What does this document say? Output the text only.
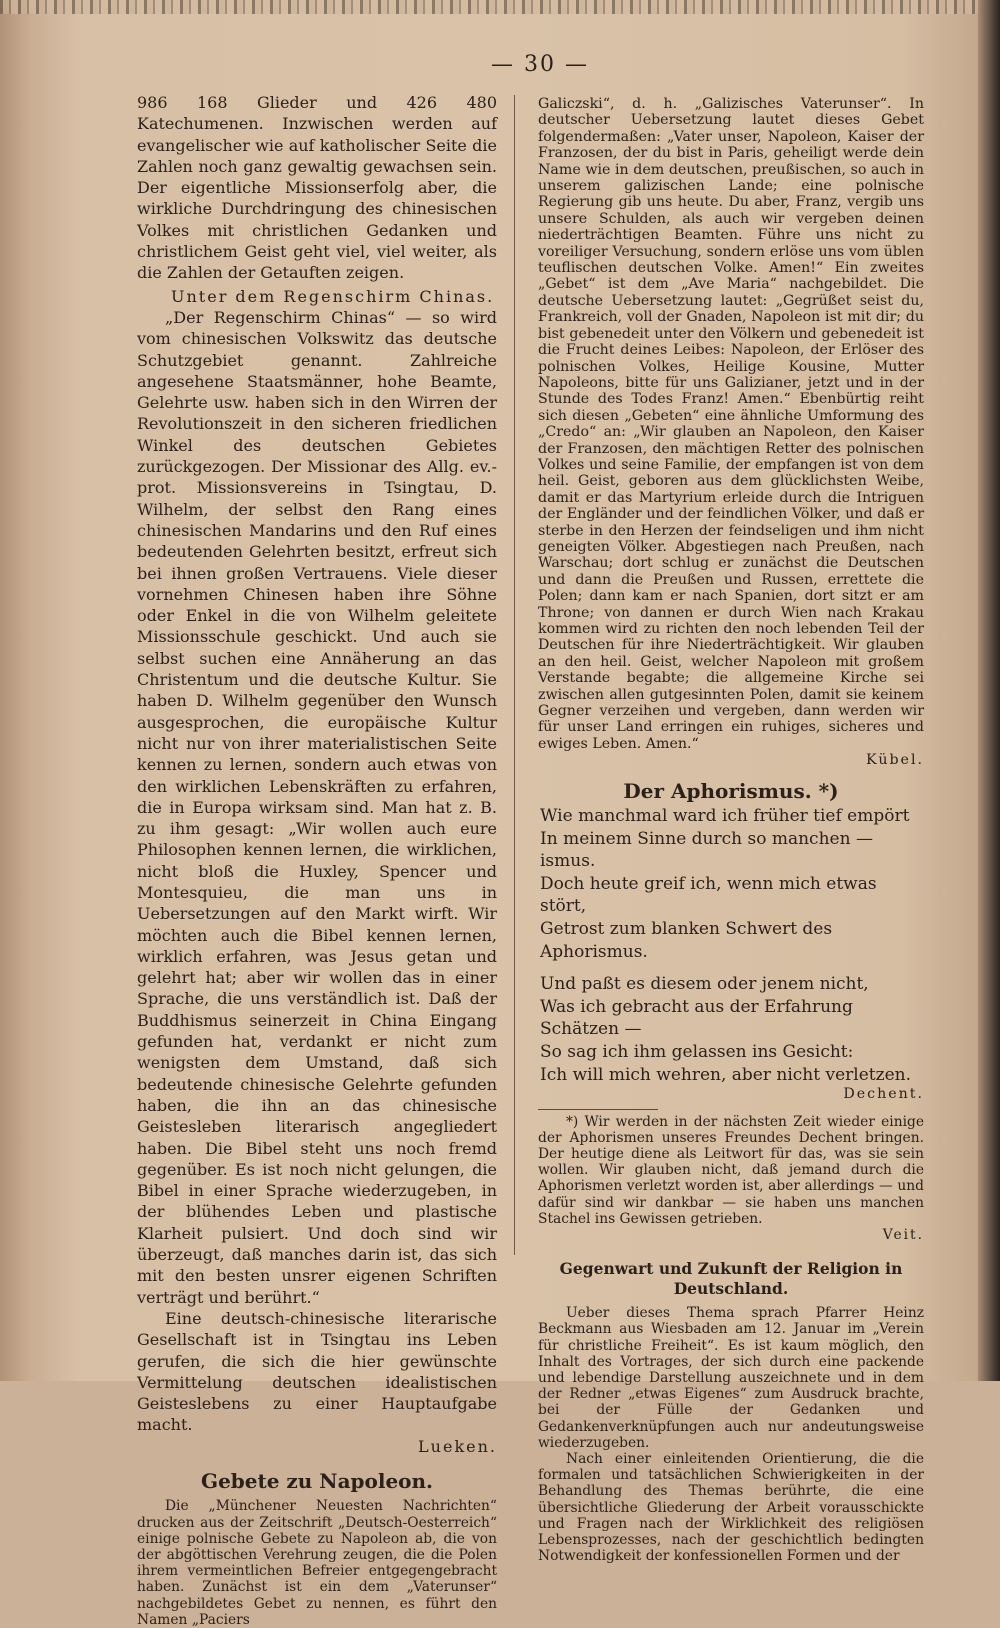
— 30 —

986 168 Glieder und 426 480 Katechumenen. Inzwischen werden auf evangelischer wie auf katholischer Seite die Zahlen noch ganz gewaltig gewachsen sein. Der eigentliche Missionserfolg aber, die wirkliche Durchdringung des chinesischen Volkes mit christlichen Gedanken und christlichem Geist geht viel, viel weiter, als die Zahlen der Getauften zeigen.

Unter dem Regenschirm Chinas.

„Der Regenschirm Chinas“ — so wird vom chinesischen Volkswitz das deutsche Schutzgebiet genannt. Zahlreiche angesehene Staatsmänner, hohe Beamte, Gelehrte usw. haben sich in den Wirren der Revolutionszeit in den sicheren friedlichen Winkel des deutschen Gebietes zurückgezogen. Der Missionar des Allg. ev.-prot. Missionsvereins in Tsingtau, D. Wilhelm, der selbst den Rang eines chinesischen Mandarins und den Ruf eines bedeutenden Gelehrten besitzt, erfreut sich bei ihnen großen Vertrauens. Viele dieser vornehmen Chinesen haben ihre Söhne oder Enkel in die von Wilhelm geleitete Missionsschule geschickt. Und auch sie selbst suchen eine Annäherung an das Christentum und die deutsche Kultur. Sie haben D. Wilhelm gegenüber den Wunsch ausgesprochen, die europäische Kultur nicht nur von ihrer materialistischen Seite kennen zu lernen, sondern auch etwas von den wirklichen Lebenskräften zu erfahren, die in Europa wirksam sind. Man hat z. B. zu ihm gesagt: „Wir wollen auch eure Philosophen kennen lernen, die wirklichen, nicht bloß die Huxley, Spencer und Montesquieu, die man uns in Uebersetzungen auf den Markt wirft. Wir möchten auch die Bibel kennen lernen, wirklich erfahren, was Jesus getan und gelehrt hat; aber wir wollen das in einer Sprache, die uns verständlich ist. Daß der Buddhismus seinerzeit in China Eingang gefunden hat, verdankt er nicht zum wenigsten dem Umstand, daß sich bedeutende chinesische Gelehrte gefunden haben, die ihn an das chinesische Geistesleben literarisch angegliedert haben. Die Bibel steht uns noch fremd gegenüber. Es ist noch nicht gelungen, die Bibel in einer Sprache wiederzugeben, in der blühendes Leben und plastische Klarheit pulsiert. Und doch sind wir überzeugt, daß manches darin ist, das sich mit den besten unsrer eigenen Schriften verträgt und berührt.“

Eine deutsch-chinesische literarische Gesellschaft ist in Tsingtau ins Leben gerufen, die sich die hier gewünschte Vermittelung deutschen idealistischen Geisteslebens zu einer Hauptaufgabe macht.

Lueken.

Gebete zu Napoleon.

Die „Münchener Neuesten Nachrichten“ drucken aus der Zeitschrift „Deutsch-Oesterreich“ einige polnische Gebete zu Napoleon ab, die von der abgöttischen Verehrung zeugen, die die Polen ihrem vermeintlichen Befreier entgegengebracht haben. Zunächst ist ein dem „Vaterunser“ nachgebildetes Gebet zu nennen, es führt den Namen „Paciers

Galiczski“, d. h. „Galizisches Vaterunser“. In deutscher Uebersetzung lautet dieses Gebet folgendermaßen: „Vater unser, Napoleon, Kaiser der Franzosen, der du bist in Paris, geheiligt werde dein Name wie in dem deutschen, preußischen, so auch in unserem galizischen Lande; eine polnische Regierung gib uns heute. Du aber, Franz, vergib uns unsere Schulden, als auch wir vergeben deinen niederträchtigen Beamten. Führe uns nicht zu voreiliger Versuchung, sondern erlöse uns vom üblen teuflischen deutschen Volke. Amen!“ Ein zweites „Gebet“ ist dem „Ave Maria“ nachgebildet. Die deutsche Uebersetzung lautet: „Gegrüßet seist du, Frankreich, voll der Gnaden, Napoleon ist mit dir; du bist gebenedeit unter den Völkern und gebenedeit ist die Frucht deines Leibes: Napoleon, der Erlöser des polnischen Volkes, Heilige Kousine, Mutter Napoleons, bitte für uns Galizianer, jetzt und in der Stunde des Todes Franz! Amen.“ Ebenbürtig reiht sich diesen „Gebeten“ eine ähnliche Umformung des „Credo“ an: „Wir glauben an Napoleon, den Kaiser der Franzosen, den mächtigen Retter des polnischen Volkes und seine Familie, der empfangen ist von dem heil. Geist, geboren aus dem glücklichsten Weibe, damit er das Martyrium erleide durch die Intriguen der Engländer und der feindlichen Völker, und daß er sterbe in den Herzen der feindseligen und ihm nicht geneigten Völker. Abgestiegen nach Preußen, nach Warschau; dort schlug er zunächst die Deutschen und dann die Preußen und Russen, errettete die Polen; dann kam er nach Spanien, dort sitzt er am Throne; von dannen er durch Wien nach Krakau kommen wird zu richten den noch lebenden Teil der Deutschen für ihre Niederträchtigkeit. Wir glauben an den heil. Geist, welcher Napoleon mit großem Verstande begabte; die allgemeine Kirche sei zwischen allen gutgesinnten Polen, damit sie keinem Gegner verzeihen und vergeben, dann werden wir für unser Land erringen ein ruhiges, sicheres und ewiges Leben. Amen.“

Kübel.

Der Aphorismus. *)
Wie manchmal ward ich früher tief empört
In meinem Sinne durch so manchen — ismus.
Doch heute greif ich, wenn mich etwas stört,
Getrost zum blanken Schwert des Aphorismus.
Und paßt es diesem oder jenem nicht,
Was ich gebracht aus der Erfahrung Schätzen —
So sag ich ihm gelassen ins Gesicht:
Ich will mich wehren, aber nicht verletzen.

Dechent.

*) Wir werden in der nächsten Zeit wieder einige der Aphorismen unseres Freundes Dechent bringen. Der heutige diene als Leitwort für das, was sie sein wollen. Wir glauben nicht, daß jemand durch die Aphorismen verletzt worden ist, aber allerdings — und dafür sind wir dankbar — sie haben uns manchen Stachel ins Gewissen getrieben.

Veit.

Gegenwart und Zukunft der Religion in Deutschland.

Ueber dieses Thema sprach Pfarrer Heinz Beckmann aus Wiesbaden am 12. Januar im „Verein für christliche Freiheit“. Es ist kaum möglich, den Inhalt des Vortrages, der sich durch eine packende und lebendige Darstellung auszeichnete und in dem der Redner „etwas Eigenes“ zum Ausdruck brachte, bei der Fülle der Gedanken und Gedankenverknüpfungen auch nur andeutungsweise wiederzugeben.

Nach einer einleitenden Orientierung, die die formalen und tatsächlichen Schwierigkeiten in der Behandlung des Themas berührte, die eine übersichtliche Gliederung der Arbeit vorausschickte und Fragen nach der Wirklichkeit des religiösen Lebensprozesses, nach der geschichtlich bedingten Notwendigkeit der konfessionellen Formen und der
